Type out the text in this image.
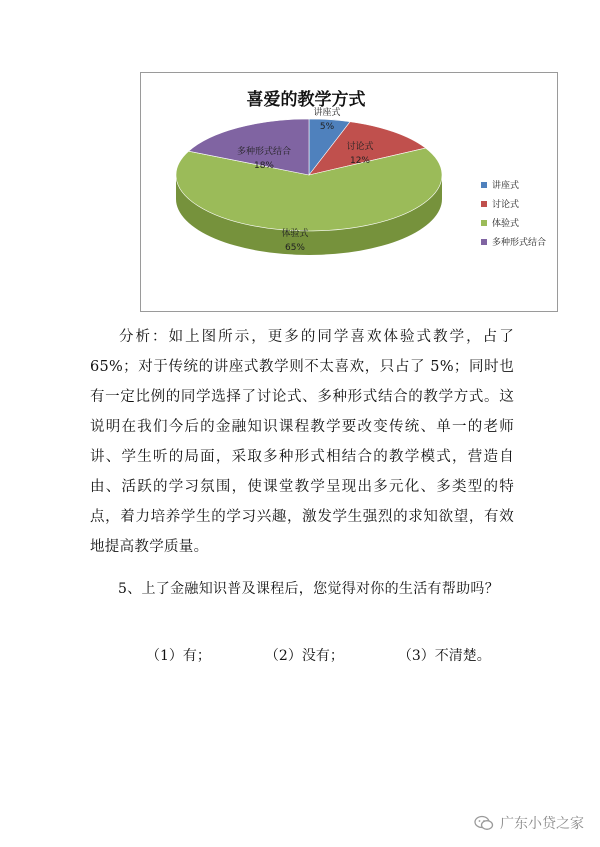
喜爱的教学方式
讲座式
5%
讨论式
12%
体验式
65%
多种形式结合
18%
讲座式
讨论式
体验式
多种形式结合

分析：如上图所示，更多的同学喜欢体验式教学，占了65%；对于传统的讲座式教学则不太喜欢，只占了 5%；同时也有一定比例的同学选择了讨论式、多种形式结合的教学方式。这说明在我们今后的金融知识课程教学要改变传统、单一的老师讲、学生听的局面，采取多种形式相结合的教学模式，营造自由、活跃的学习氛围，使课堂教学呈现出多元化、多类型的特点，着力培养学生的学习兴趣，激发学生强烈的求知欲望，有效地提高教学质量。

5、上了金融知识普及课程后，您觉得对你的生活有帮助吗？

（1）有；	（2）没有；	（3）不清楚。
广东小贷之家
